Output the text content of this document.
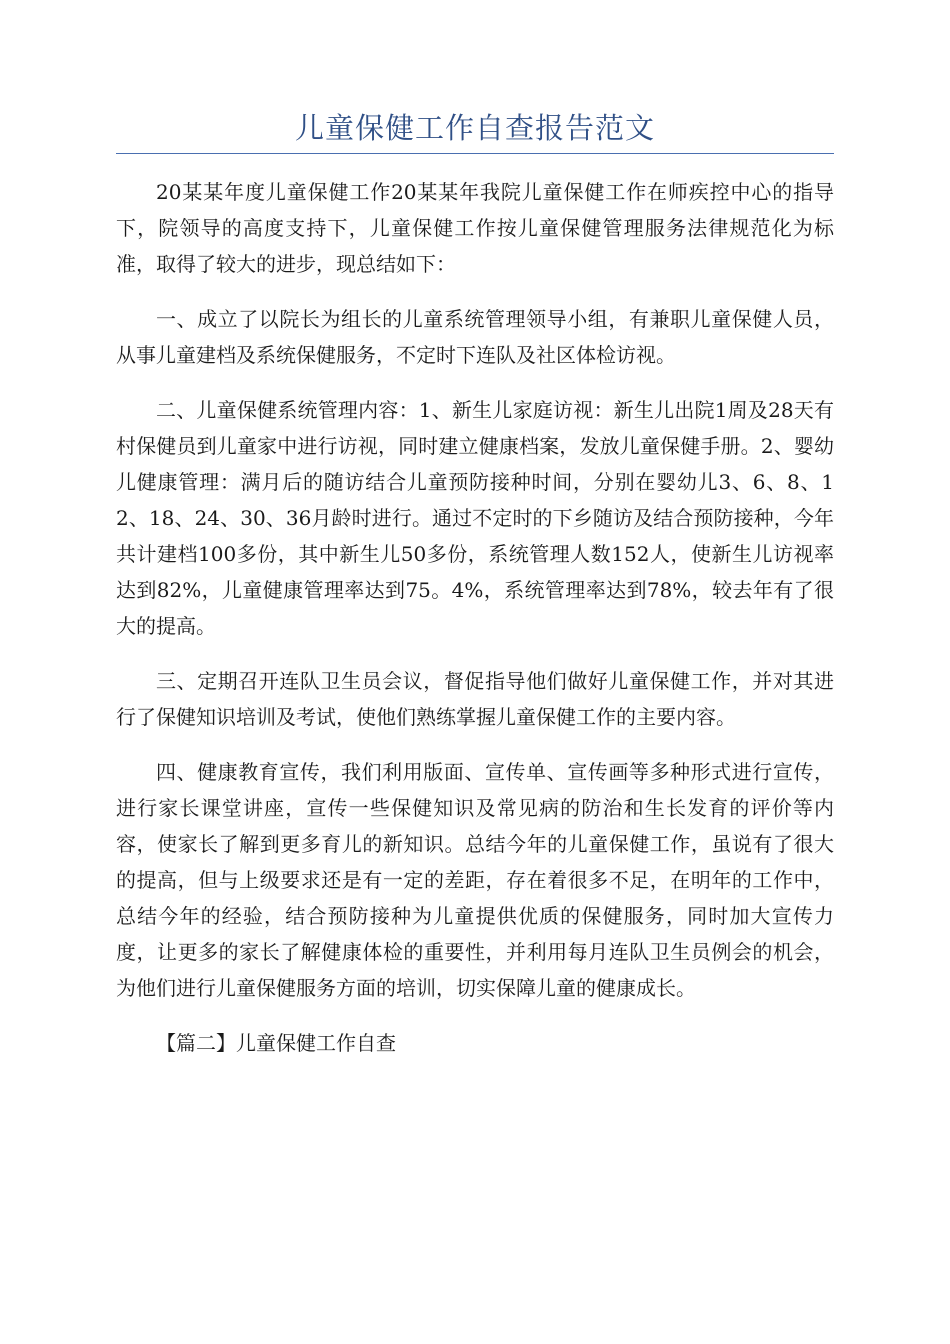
儿童保健工作自查报告范文

20某某年度儿童保健工作20某某年我院儿童保健工作在师疾控中心的指导下，院领导的高度支持下，儿童保健工作按儿童保健管理服务法律规范化为标准，取得了较大的进步，现总结如下：

一、成立了以院长为组长的儿童系统管理领导小组，有兼职儿童保健人员，从事儿童建档及系统保健服务，不定时下连队及社区体检访视。

二、儿童保健系统管理内容：1、新生儿家庭访视：新生儿出院1周及28天有村保健员到儿童家中进行访视，同时建立健康档案，发放儿童保健手册。2、婴幼儿健康管理：满月后的随访结合儿童预防接种时间，分别在婴幼儿3、6、8、12、18、24、30、36月龄时进行。通过不定时的下乡随访及结合预防接种，今年共计建档100多份，其中新生儿50多份，系统管理人数152人，使新生儿访视率达到82%，儿童健康管理率达到75。4%，系统管理率达到78%，较去年有了很大的提高。

三、定期召开连队卫生员会议，督促指导他们做好儿童保健工作，并对其进行了保健知识培训及考试，使他们熟练掌握儿童保健工作的主要内容。

四、健康教育宣传，我们利用版面、宣传单、宣传画等多种形式进行宣传，进行家长课堂讲座，宣传一些保健知识及常见病的防治和生长发育的评价等内容，使家长了解到更多育儿的新知识。总结今年的儿童保健工作，虽说有了很大的提高，但与上级要求还是有一定的差距，存在着很多不足，在明年的工作中，总结今年的经验，结合预防接种为儿童提供优质的保健服务，同时加大宣传力度，让更多的家长了解健康体检的重要性，并利用每月连队卫生员例会的机会，为他们进行儿童保健服务方面的培训，切实保障儿童的健康成长。

【篇二】儿童保健工作自查
